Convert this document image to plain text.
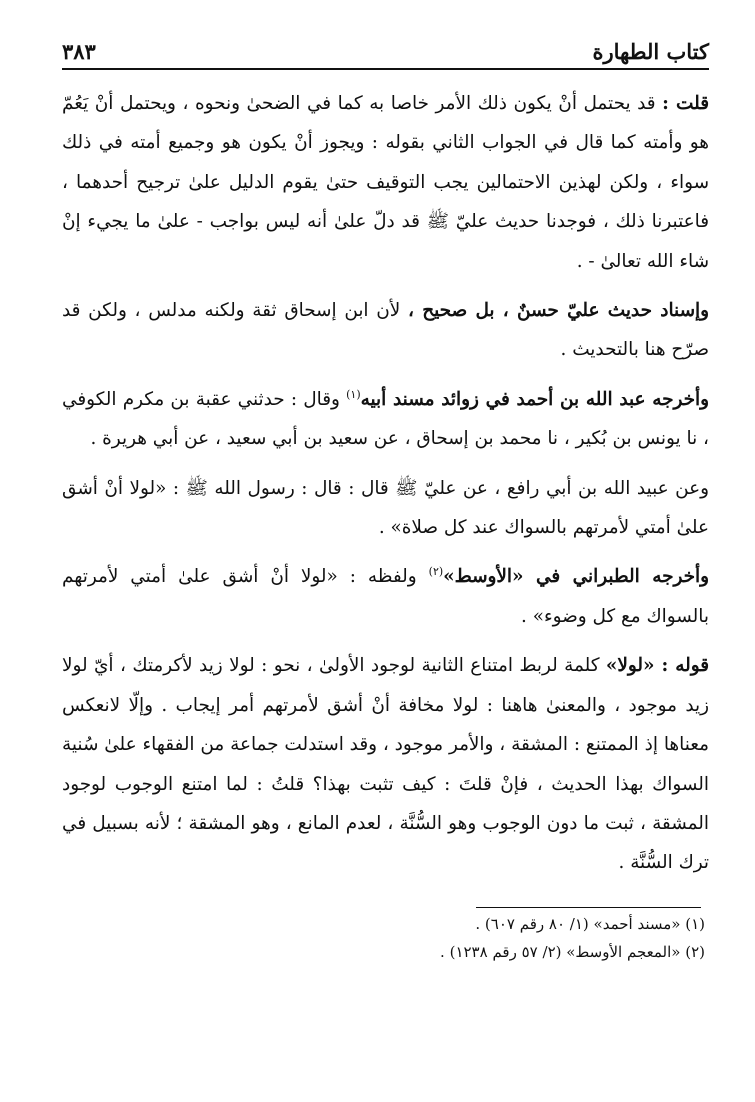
كتاب الطهارة
٣٨٣

قلت : قد يحتمل أنْ يكون ذلك الأمر خاصا به كما في الضحىٰ ونحوه ، ويحتمل أنْ يَعُمّ هو وأمته كما قال في الجواب الثاني بقوله : ويجوز أنْ يكون هو وجميع أمته في ذلك سواء ، ولكن لهذين الاحتمالين يجب التوقيف حتىٰ يقوم الدليل علىٰ ترجيح أحدهما ، فاعتبرنا ذلك ، فوجدنا حديث عليّ ﷺ قد دلّ علىٰ أنه ليس بواجب - علىٰ ما يجيء إنْ شاء الله تعالىٰ - .

وإسناد حديث عليّ حسنٌ ، بل صحيح ، لأن ابن إسحاق ثقة ولكنه مدلس ، ولكن قد صرّح هنا بالتحديث .

وأخرجه عبد الله بن أحمد في زوائد مسند أبيه$^{(١)}$ وقال : حدثني عقبة بن مكرم الكوفي ، نا يونس بن بُكير ، نا محمد بن إسحاق ، عن سعيد بن أبي سعيد ، عن أبي هريرة .

وعن عبيد الله بن أبي رافع ، عن عليّ ﷺ قال : قال : رسول الله ﷺ : «لولا أنْ أشق علىٰ أمتي لأمرتهم بالسواك عند كل صلاة» .

وأخرجه الطبراني في «الأوسط»$^{(٢)}$ ولفظه : «لولا أنْ أشق علىٰ أمتي لأمرتهم بالسواك مع كل وضوء» .

قوله : «لولا» كلمة لربط امتناع الثانية لوجود الأولىٰ ، نحو : لولا زيد لأكرمتك ، أيّ لولا زيد موجود ، والمعنىٰ هاهنا : لولا مخافة أنْ أشق لأمرتهم أمر إيجاب . وإلّا لانعكس معناها إذ الممتنع : المشقة ، والأمر موجود ، وقد استدلت جماعة من الفقهاء علىٰ سُنية السواك بهذا الحديث ، فإنْ قلتَ : كيف تثبت بهذا؟ قلتُ : لما امتنع الوجوب لوجود المشقة ، ثبت ما دون الوجوب وهو السُّنَّة ، لعدم المانع ، وهو المشقة ؛ لأنه بسبيل في ترك السُّنَّة .

(١) «مسند أحمد» (١/ ٨٠ رقم ٦٠٧) .
(٢) «المعجم الأوسط» (٢/ ٥٧ رقم ١٢٣٨) .
